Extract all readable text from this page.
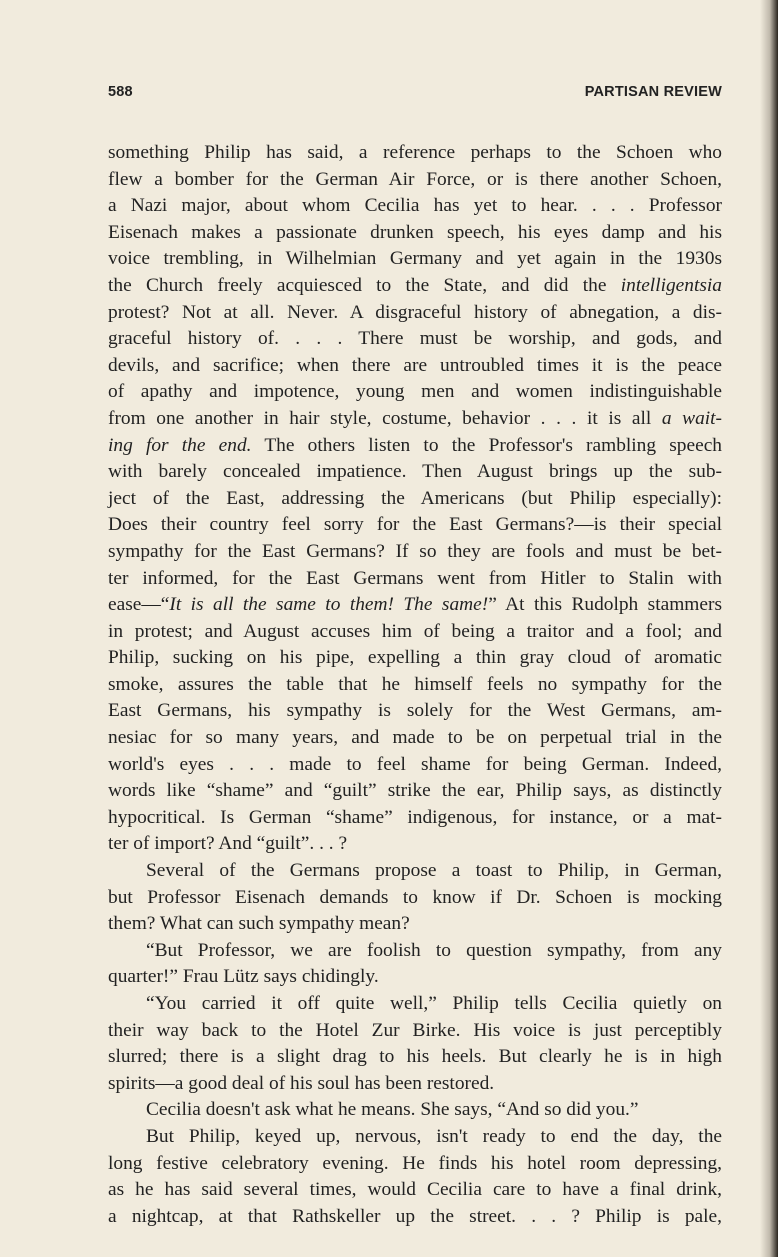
588	PARTISAN REVIEW
something Philip has said, a reference perhaps to the Schoen who
flew a bomber for the German Air Force, or is there another Schoen,
a Nazi major, about whom Cecilia has yet to hear. . . . Professor
Eisenach makes a passionate drunken speech, his eyes damp and his
voice trembling, in Wilhelmian Germany and yet again in the 1930s
the Church freely acquiesced to the State, and did the intelligentsia
protest? Not at all. Never. A disgraceful history of abnegation, a dis-
graceful history of. . . . There must be worship, and gods, and
devils, and sacrifice; when there are untroubled times it is the peace
of apathy and impotence, young men and women indistinguishable
from one another in hair style, costume, behavior . . . it is all a wait-
ing for the end. The others listen to the Professor's rambling speech
with barely concealed impatience. Then August brings up the sub-
ject of the East, addressing the Americans (but Philip especially):
Does their country feel sorry for the East Germans?—is their special
sympathy for the East Germans? If so they are fools and must be bet-
ter informed, for the East Germans went from Hitler to Stalin with
ease—“It is all the same to them! The same!” At this Rudolph stammers
in protest; and August accuses him of being a traitor and a fool; and
Philip, sucking on his pipe, expelling a thin gray cloud of aromatic
smoke, assures the table that he himself feels no sympathy for the
East Germans, his sympathy is solely for the West Germans, am-
nesiac for so many years, and made to be on perpetual trial in the
world's eyes . . . made to feel shame for being German. Indeed,
words like “shame” and “guilt” strike the ear, Philip says, as distinctly
hypocritical. Is German “shame” indigenous, for instance, or a mat-
ter of import? And “guilt”. . . ?
Several of the Germans propose a toast to Philip, in German,
but Professor Eisenach demands to know if Dr. Schoen is mocking
them? What can such sympathy mean?
“But Professor, we are foolish to question sympathy, from any
quarter!” Frau Lütz says chidingly.
“You carried it off quite well,” Philip tells Cecilia quietly on
their way back to the Hotel Zur Birke. His voice is just perceptibly
slurred; there is a slight drag to his heels. But clearly he is in high
spirits—a good deal of his soul has been restored.
Cecilia doesn't ask what he means. She says, “And so did you.”
But Philip, keyed up, nervous, isn't ready to end the day, the
long festive celebratory evening. He finds his hotel room depressing,
as he has said several times, would Cecilia care to have a final drink,
a nightcap, at that Rathskeller up the street. . . ? Philip is pale,
